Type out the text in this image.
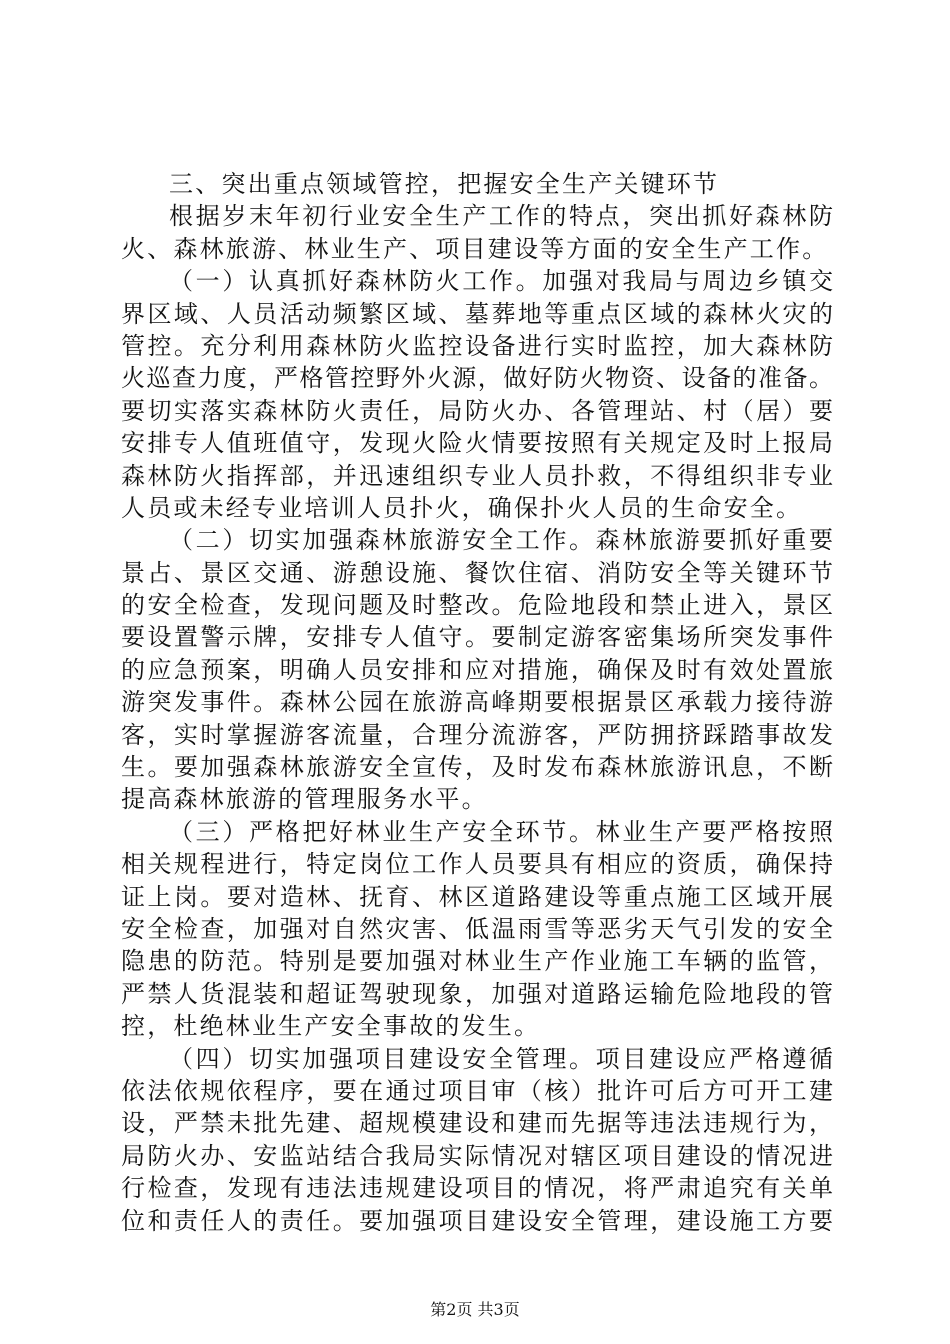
三、突出重点领域管控，把握安全生产关键环节
根据岁末年初行业安全生产工作的特点，突出抓好森林防
火、森林旅游、林业生产、项目建设等方面的安全生产工作。
（一）认真抓好森林防火工作。加强对我局与周边乡镇交
界区域、人员活动频繁区域、墓葬地等重点区域的森林火灾的
管控。充分利用森林防火监控设备进行实时监控，加大森林防
火巡查力度，严格管控野外火源，做好防火物资、设备的准备。
要切实落实森林防火责任，局防火办、各管理站、村（居）要
安排专人值班值守，发现火险火情要按照有关规定及时上报局
森林防火指挥部，并迅速组织专业人员扑救，不得组织非专业
人员或未经专业培训人员扑火，确保扑火人员的生命安全。
（二）切实加强森林旅游安全工作。森林旅游要抓好重要
景占、景区交通、游憩设施、餐饮住宿、消防安全等关键环节
的安全检查，发现问题及时整改。危险地段和禁止进入，景区
要设置警示牌，安排专人值守。要制定游客密集场所突发事件
的应急预案，明确人员安排和应对措施，确保及时有效处置旅
游突发事件。森林公园在旅游高峰期要根据景区承载力接待游
客，实时掌握游客流量，合理分流游客，严防拥挤踩踏事故发
生。要加强森林旅游安全宣传，及时发布森林旅游讯息，不断
提高森林旅游的管理服务水平。
（三）严格把好林业生产安全环节。林业生产要严格按照
相关规程进行，特定岗位工作人员要具有相应的资质，确保持
证上岗。要对造林、抚育、林区道路建设等重点施工区域开展
安全检查，加强对自然灾害、低温雨雪等恶劣天气引发的安全
隐患的防范。特别是要加强对林业生产作业施工车辆的监管，
严禁人货混装和超证驾驶现象，加强对道路运输危险地段的管
控，杜绝林业生产安全事故的发生。
（四）切实加强项目建设安全管理。项目建设应严格遵循
依法依规依程序，要在通过项目审（核）批许可后方可开工建
设，严禁未批先建、超规模建设和建而先据等违法违规行为，
局防火办、安监站结合我局实际情况对辖区项目建设的情况进
行检查，发现有违法违规建设项目的情况，将严肃追究有关单
位和责任人的责任。要加强项目建设安全管理，建设施工方要
第2页 共3页
